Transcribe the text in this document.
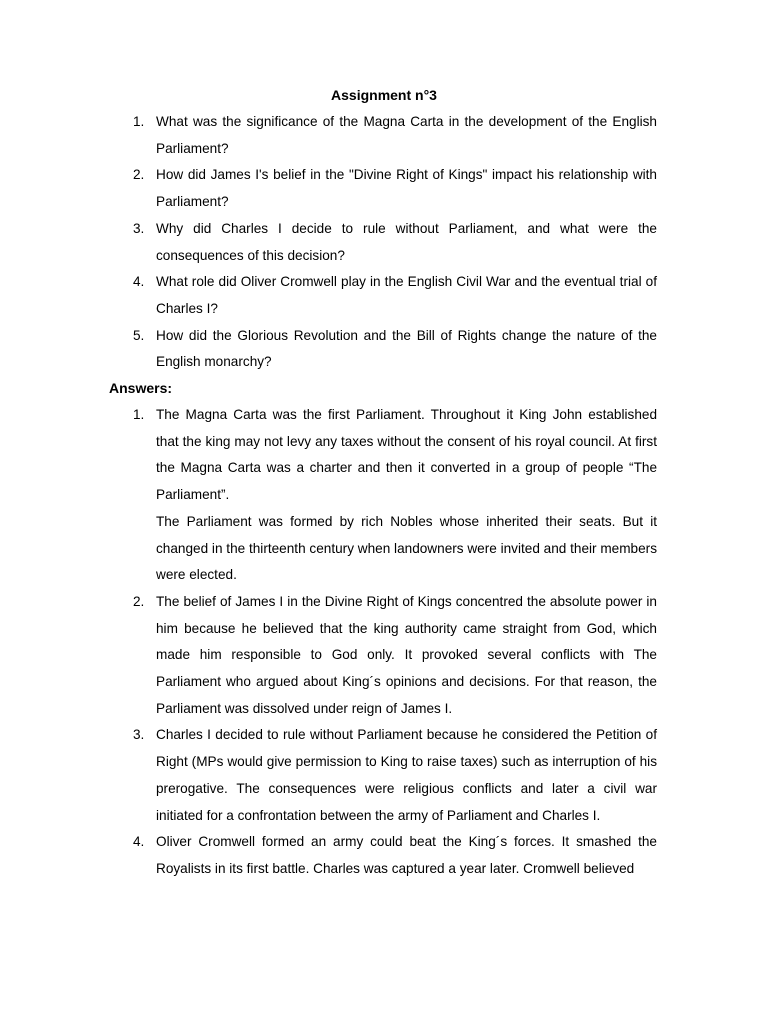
Assignment n°3
1. What was the significance of the Magna Carta in the development of the English Parliament?
2. How did James I's belief in the "Divine Right of Kings" impact his relationship with Parliament?
3. Why did Charles I decide to rule without Parliament, and what were the consequences of this decision?
4. What role did Oliver Cromwell play in the English Civil War and the eventual trial of Charles I?
5. How did the Glorious Revolution and the Bill of Rights change the nature of the English monarchy?
Answers:
1. The Magna Carta was the first Parliament. Throughout it King John established that the king may not levy any taxes without the consent of his royal council. At first the Magna Carta was a charter and then it converted in a group of people “The Parliament”.
The Parliament was formed by rich Nobles whose inherited their seats. But it changed in the thirteenth century when landowners were invited and their members were elected.
2. The belief of James I in the Divine Right of Kings concentred the absolute power in him because he believed that the king authority came straight from God, which made him responsible to God only. It provoked several conflicts with The Parliament who argued about King´s opinions and decisions. For that reason, the Parliament was dissolved under reign of James I.
3. Charles I decided to rule without Parliament because he considered the Petition of Right (MPs would give permission to King to raise taxes) such as interruption of his prerogative. The consequences were religious conflicts and later a civil war initiated for a confrontation between the army of Parliament and Charles I.
4. Oliver Cromwell formed an army could beat the King´s forces. It smashed the Royalists in its first battle. Charles was captured a year later. Cromwell believed
